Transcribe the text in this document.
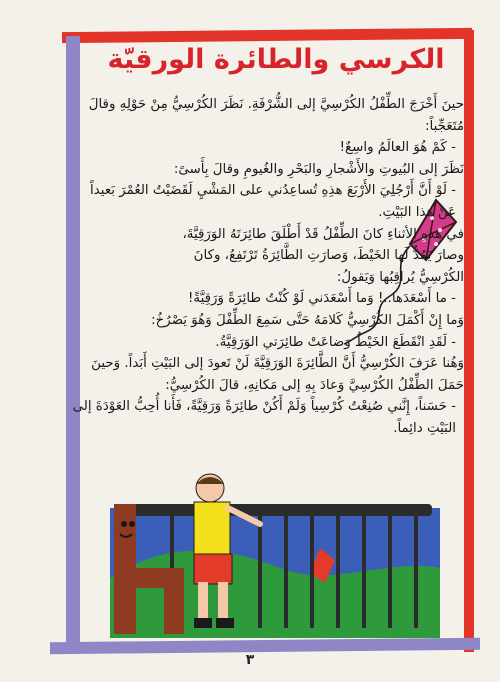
الكرسي والطائرة الورقيّة

حينَ أَخْرَجَ الطِّفْلُ الكُرْسِيَّ إلى الشُّرْفَةِ. نَظَرَ الكُرْسِيُّ مِنْ حَوْلِهِ وقالَ مُتَعَجِّباً:

- كَمْ هُوَ العالَمُ واسِعٌ!

نَظَرَ إلى البُيوتِ والأَشْجارِ والبَحْرِ والغُيومِ وقالَ بِأَسىً:

- لَوْ أَنَّ أَرْجُلِيَ الأَرْبَعَ هذِهِ تُساعِدُني على المَشْيِ لَقَضَيْتُ العُمْرَ بَعيداً عَنْ هذا البَيْتِ.

في هذهِ الأثناءِ كانَ الطِّفْلُ قَدْ أَطْلَقَ طائِرَتَهُ الوَرَقِيَّةَ، وصارَ يَمُدُّ لَها الخَيْطَ، وَصارَتِ الطَّائِرَةُ تَرْتَفِعُ، وكانَ الكُرْسِيُّ يُراقِبُها وَيَقولُ:

- ما أَسْعَدَها..! وَما أَسْعَدَني لَوْ كُنْتُ طائِرَةً وَرَقِيَّةً!

وَما إِنْ أَكْمَلَ الكُرْسِيُّ كَلامَهُ حَتَّى سَمِعَ الطِّفْلَ وَهُوَ يَصْرُخُ:

- لَقَدِ انْقَطَعَ الخَيْطُ وَضاعَتْ طائِرَتي الوَرَقِيَّةُ.

وَهُنا عَرَفَ الكُرْسِيُّ أَنَّ الطَّائِرَةَ الوَرَقِيَّةَ لَنْ تَعودَ إلى البَيْتِ أَبَداً. وَحينَ حَمَلَ الطِّفْلُ الكُرْسِيَّ وَعادَ بِهِ إلى مَكانِهِ، قالَ الكُرْسِيُّ:

- حَسَناً، إِنَّني صُنِعْتُ كُرْسِياً وَلَمْ أَكُنْ طائِرَةً وَرَقِيَّةً، فَأَنا أُحِبُّ العَوْدَةَ إلى البَيْتِ دائِماً.

٣
